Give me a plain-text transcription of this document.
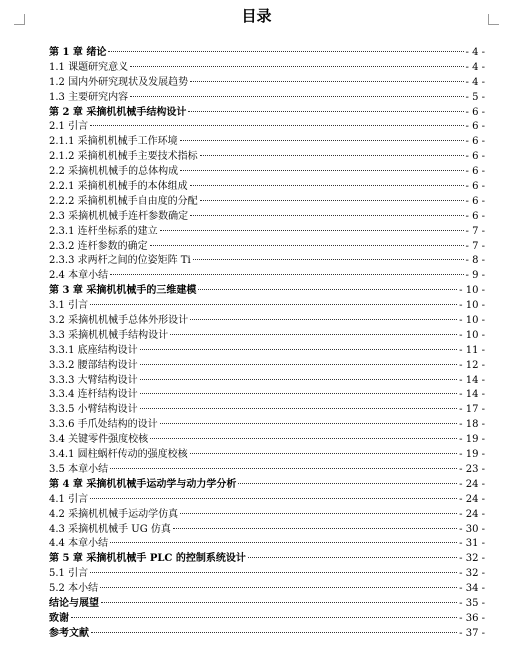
目录
第 1 章 绪论	- 4 -
1.1 课题研究意义	- 4 -
1.2 国内外研究现状及发展趋势	- 4 -
1.3 主要研究内容	- 5 -
第 2 章 采摘机机械手结构设计	- 6 -
2.1 引言	- 6 -
2.1.1 采摘机机械手工作环境	- 6 -
2.1.2 采摘机机械手主要技术指标	- 6 -
2.2 采摘机机械手的总体构成	- 6 -
2.2.1 采摘机机械手的本体组成	- 6 -
2.2.2 采摘机机械手自由度的分配	- 6 -
2.3 采摘机机械手连杆参数确定	- 6 -
2.3.1 连杆坐标系的建立	- 7 -
2.3.2 连杆参数的确定	- 7 -
2.3.3 求两杆之间的位姿矩阵 Ti	- 8 -
2.4 本章小结	- 9 -
第 3 章 采摘机机械手的三维建模	- 10 -
3.1 引言	- 10 -
3.2 采摘机机械手总体外形设计	- 10 -
3.3 采摘机机械手结构设计	- 10 -
3.3.1 底座结构设计	- 11 -
3.3.2 腰部结构设计	- 12 -
3.3.3 大臂结构设计	- 14 -
3.3.4 连杆结构设计	- 14 -
3.3.5 小臂结构设计	- 17 -
3.3.6 手爪处结构的设计	- 18 -
3.4 关键零件强度校核	- 19 -
3.4.1 圆柱蜗杆传动的强度校核	- 19 -
3.5 本章小结	- 23 -
第 4 章 采摘机机械手运动学与动力学分析	- 24 -
4.1 引言	- 24 -
4.2 采摘机机械手运动学仿真	- 24 -
4.3 采摘机机械手 UG 仿真	- 30 -
4.4 本章小结	- 31 -
第 5 章 采摘机机械手 PLC 的控制系统设计	- 32 -
5.1 引言	- 32 -
5.2 本小结	- 34 -
结论与展望	- 35 -
致谢	- 36 -
参考文献	- 37 -
